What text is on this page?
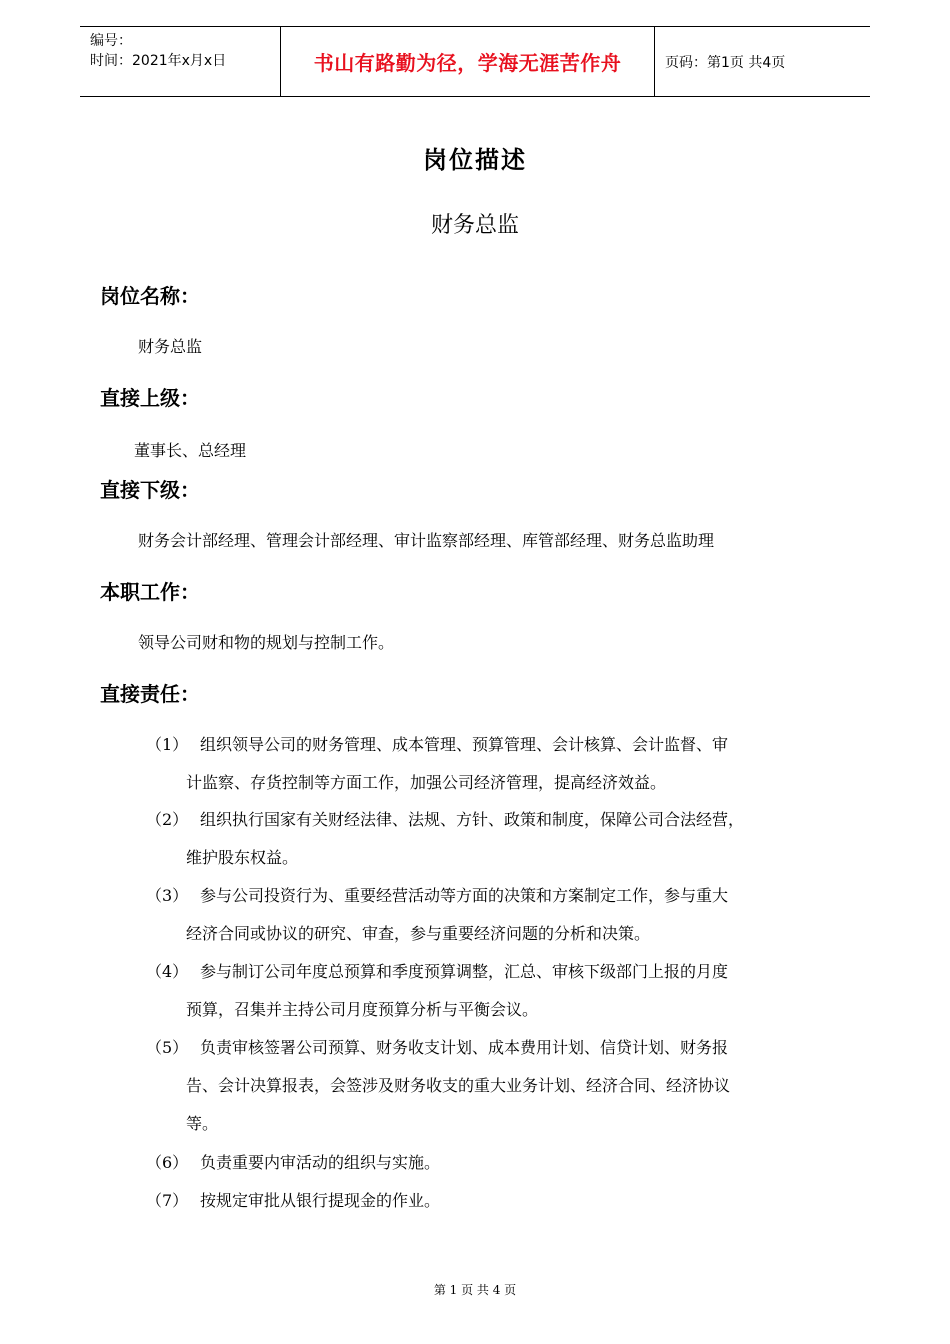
编号：
时间：2021年x月x日	书山有路勤为径，学海无涯苦作舟	页码：第1页 共4页
岗位描述
财务总监
岗位名称：
财务总监
直接上级：
董事长、总经理
直接下级：
财务会计部经理、管理会计部经理、审计监察部经理、库管部经理、财务总监助理
本职工作：
领导公司财和物的规划与控制工作。
直接责任：
（1） 组织领导公司的财务管理、成本管理、预算管理、会计核算、会计监督、审
计监察、存货控制等方面工作，加强公司经济管理，提高经济效益。
（2） 组织执行国家有关财经法律、法规、方针、政策和制度，保障公司合法经营，
维护股东权益。
（3） 参与公司投资行为、重要经营活动等方面的决策和方案制定工作，参与重大
经济合同或协议的研究、审查，参与重要经济问题的分析和决策。
（4） 参与制订公司年度总预算和季度预算调整，汇总、审核下级部门上报的月度
预算，召集并主持公司月度预算分析与平衡会议。
（5） 负责审核签署公司预算、财务收支计划、成本费用计划、信贷计划、财务报
告、会计决算报表，会签涉及财务收支的重大业务计划、经济合同、经济协议
等。
（6） 负责重要内审活动的组织与实施。
（7） 按规定审批从银行提现金的作业。
第 1 页 共 4 页
